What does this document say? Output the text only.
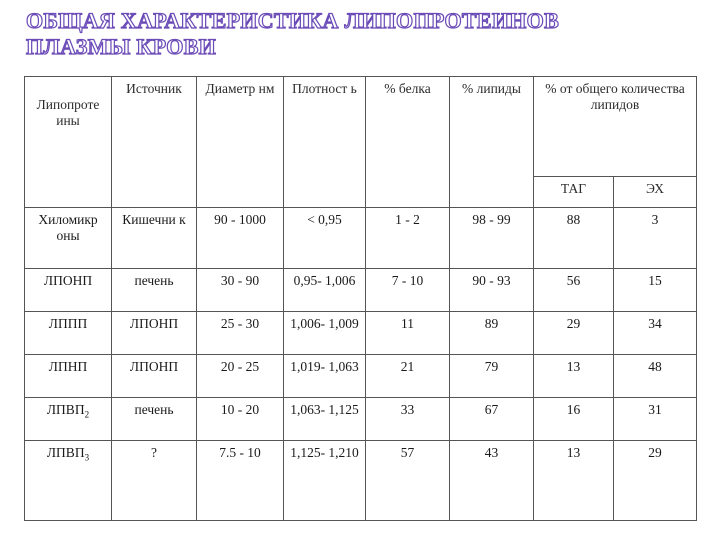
ОБЩАЯ ХАРАКТЕРИСТИКА ЛИПОПРОТЕИНОВ
ПЛАЗМЫ КРОВИ
Липопроте ины	Источник	Диаметр нм	Плотност ь	% белка	% липиды	% от общего количества липидов	
						ТАГ	ЭХ
Хиломикр оны	Кишечни к	90 - 1000	< 0,95	1 - 2	98 - 99	88	3
ЛПОНП	печень	30 - 90	0,95- 1,006	7 - 10	90 - 93	56	15
ЛППП	ЛПОНП	25 - 30	1,006- 1,009	11	89	29	34
ЛПНП	ЛПОНП	20 - 25	1,019- 1,063	21	79	13	48
$ЛПВП_2$	печень	10 - 20	1,063- 1,125	33	67	16	31
$ЛПВП_3$	?	7.5 - 10	1,125- 1,210	57	43	13	29
